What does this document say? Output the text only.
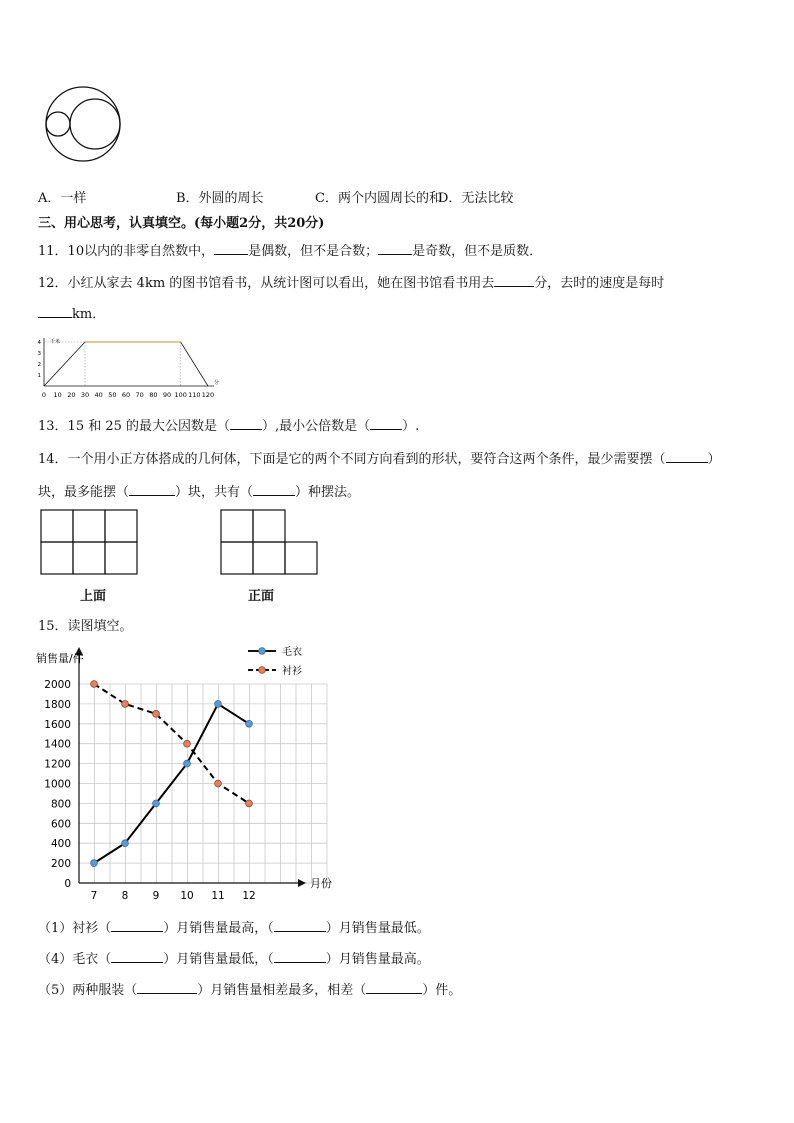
A．一样	B．外圆的周长	C．两个内圆周长的和
D．无法比较
三、用心思考，认真填空。(每小题2分，共20分)
11．10以内的非零自然数中，	是偶数，但不是合数；	是奇数，但不是质数．
12．小红从家去 4km 的图书馆看书，从统计图可以看出，她在图书馆看书用去	分，去时的速度是每时
km．
千米
分
0 10 20 30 40 50 60 70 80 90 100 110 120
1
2
3
4
13．15 和 25 的最大公因数是（ ）,最小公倍数是（ ）.
14．一个用小正方体搭成的几何体，下面是它的两个不同方向看到的形状，要符合这两个条件，最少需要摆（	）
块，最多能摆（	）块，共有（	）种摆法。
上面	正面
15．读图填空。
销售量/件
月份
0
200
400
600
800
1000
1200
1400
1600
1800
2000
7 8 9 10 11 12
毛衣
衬衫
（1）衬衫（	）月销售量最高，（	）月销售量最低。
（4）毛衣（	）月销售量最低，（	）月销售量最高。
（5）两种服装（	）月销售量相差最多，相差（	）件。
